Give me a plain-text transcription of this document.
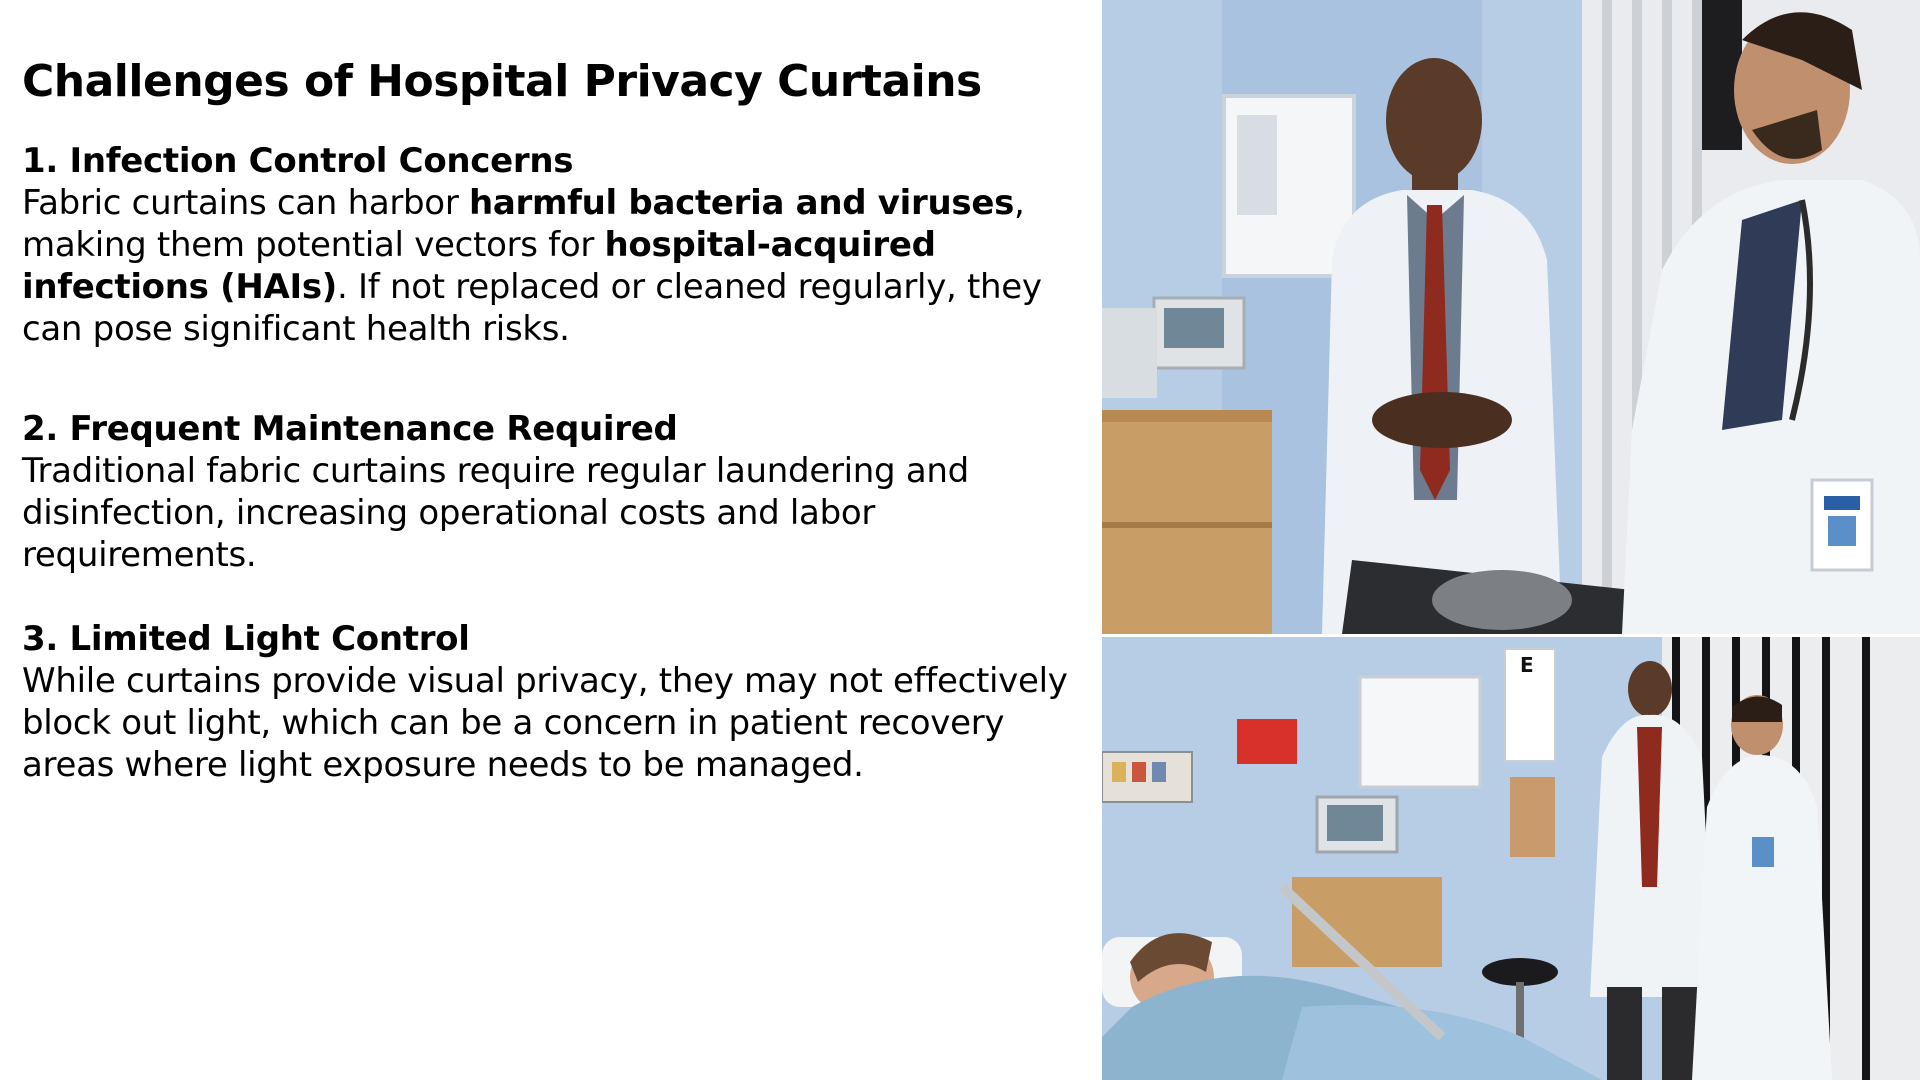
Challenges of Hospital Privacy Curtains
1. Infection Control Concerns
Fabric curtains can harbor harmful bacteria and viruses, making them potential vectors for hospital-acquired infections (HAIs). If not replaced or cleaned regularly, they can pose significant health risks.
2. Frequent Maintenance Required
Traditional fabric curtains require regular laundering and disinfection, increasing operational costs and labor requirements.
3. Limited Light Control
While curtains provide visual privacy, they may not effectively block out light, which can be a concern in patient recovery areas where light exposure needs to be managed.
E
